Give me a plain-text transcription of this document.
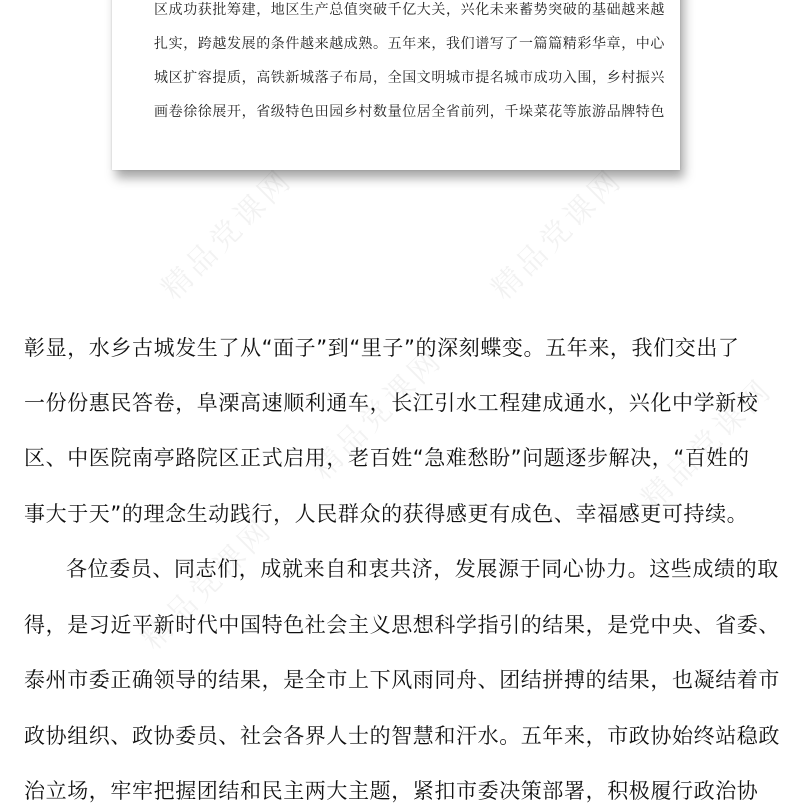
精品党课网	精品党课网
精品党课网	精品党课网
精品党课网
区成功获批筹建，地区生产总值突破千亿大关，兴化未来蓄势突破的基础越来越
扎实，跨越发展的条件越来越成熟。五年来，我们谱写了一篇篇精彩华章，中心
城区扩容提质，高铁新城落子布局，全国文明城市提名城市成功入围，乡村振兴
画卷徐徐展开，省级特色田园乡村数量位居全省前列，千垛菜花等旅游品牌特色
彰显，水乡古城发生了从“面子”到“里子”的深刻蝶变。五年来，我们交出了
一份份惠民答卷，阜溧高速顺利通车，长江引水工程建成通水，兴化中学新校
区、中医院南亭路院区正式启用，老百姓“急难愁盼”问题逐步解决，“百姓的
事大于天”的理念生动践行，人民群众的获得感更有成色、幸福感更可持续。
各位委员、同志们，成就来自和衷共济，发展源于同心协力。这些成绩的取
得，是习近平新时代中国特色社会主义思想科学指引的结果，是党中央、省委、
泰州市委正确领导的结果，是全市上下风雨同舟、团结拼搏的结果，也凝结着市
政协组织、政协委员、社会各界人士的智慧和汗水。五年来，市政协始终站稳政
治立场，牢牢把握团结和民主两大主题，紧扣市委决策部署，积极履行政治协
